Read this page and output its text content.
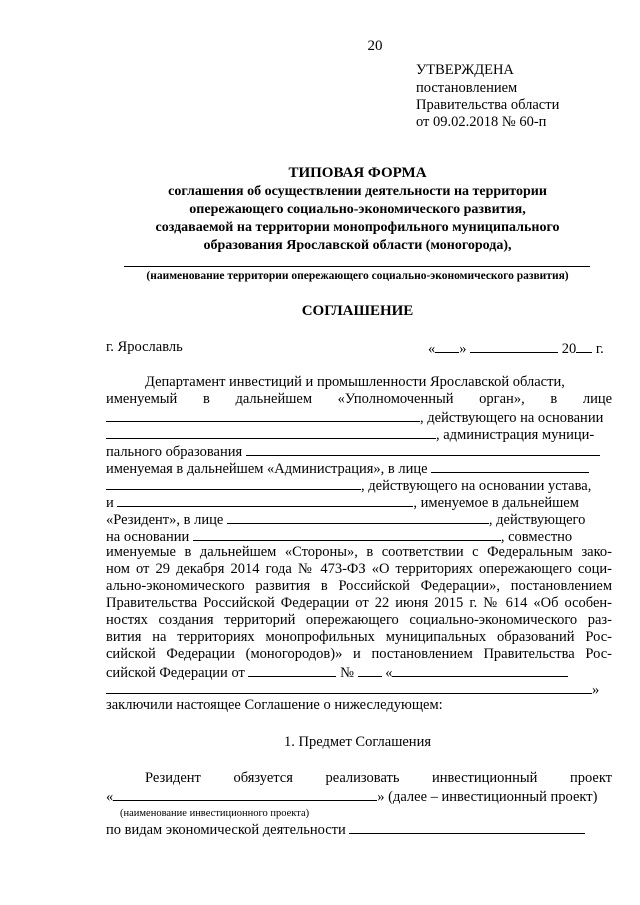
20
УТВЕРЖДЕНА
постановлением
Правительства области
от 09.02.2018 № 60-п
ТИПОВАЯ ФОРМА
соглашения об осуществлении деятельности на территории
опережающего социально-экономического развития,
создаваемой на территории монопрофильного муниципального
образования Ярославской области (моногорода),
(наименование территории опережающего социально-экономического развития)
СОГЛАШЕНИЕ
г. Ярославль	« »	20 г.
Департамент инвестиций и промышленности Ярославской области,
именуемый в дальнейшем «Уполномоченный орган», в лице
, действующего на основании
, администрация муници-
пального образования
именуемая в дальнейшем «Администрация», в лице
, действующего на основании устава,
и	, именуемое в дальнейшем
«Резидент», в лице	, действующего
на основании	, совместно
именуемые в дальнейшем «Стороны», в соответствии с Федеральным зако-
ном от 29 декабря 2014 года № 473-ФЗ «О территориях опережающего соци-
ально-экономического развития в Российской Федерации», постановлением
Правительства Российской Федерации от 22 июня 2015 г. № 614 «Об особен-
ностях создания территорий опережающего социально-экономического раз-
вития на территориях монопрофильных муниципальных образований Рос-
сийской Федерации (моногородов)» и постановлением Правительства Рос-
сийской Федерации от	№ «
»
заключили настоящее Соглашение о нижеследующем:
1. Предмет Соглашения
Резидент обязуется реализовать инвестиционный проект
«	» (далее – инвестиционный проект)
(наименование инвестиционного проекта)
по видам экономической деятельности
